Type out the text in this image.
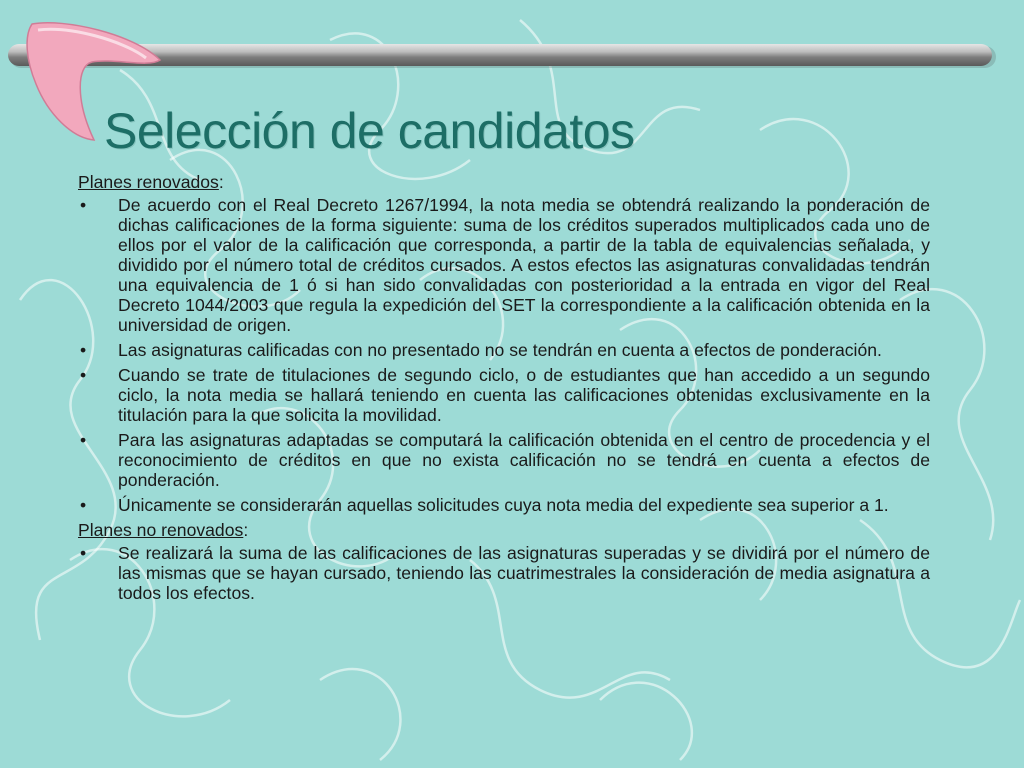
Selección de candidatos

Planes renovados:

• De acuerdo con el Real Decreto 1267/1994, la nota media se obtendrá realizando la ponderación de dichas calificaciones de la forma siguiente: suma de los créditos superados multiplicados cada uno de ellos por el valor de la calificación que corresponda, a partir de la tabla de equivalencias señalada, y dividido por el número total de créditos cursados. A estos efectos las asignaturas convalidadas tendrán una equivalencia de 1 ó si han sido convalidadas con posterioridad a la entrada en vigor del Real Decreto 1044/2003 que regula la expedición del SET la correspondiente a la calificación obtenida en la universidad de origen.
• Las asignaturas calificadas con no presentado no se tendrán en cuenta a efectos de ponderación.
• Cuando se trate de titulaciones de segundo ciclo, o de estudiantes que han accedido a un segundo ciclo, la nota media se hallará teniendo en cuenta las calificaciones obtenidas exclusivamente en la titulación para la que solicita la movilidad.
• Para las asignaturas adaptadas se computará la calificación obtenida en el centro de procedencia y el reconocimiento de créditos en que no exista calificación no se tendrá en cuenta a efectos de ponderación.
• Únicamente se considerarán aquellas solicitudes cuya nota media del expediente sea superior a 1.

Planes no renovados:

• Se realizará la suma de las calificaciones de las asignaturas superadas y se dividirá por el número de las mismas que se hayan cursado, teniendo las cuatrimestrales la consideración de media asignatura a todos los efectos.
